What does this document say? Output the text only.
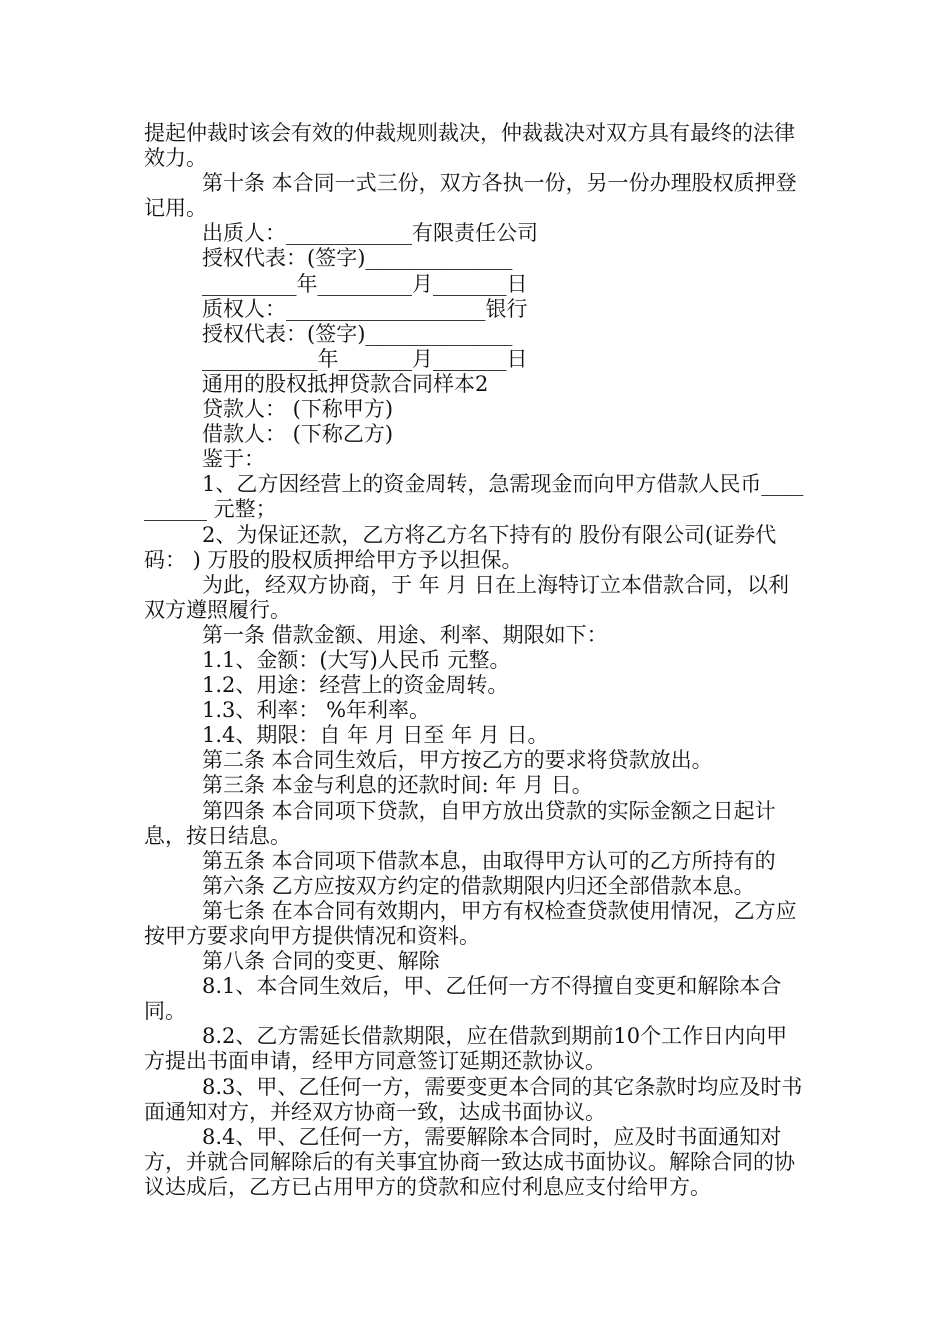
提起仲裁时该会有效的仲裁规则裁决，仲裁裁决对双方具有最终的法律效力。
第十条 本合同一式三份，双方各执一份，另一份办理股权质押登记用。
出质人：____________有限责任公司
授权代表：(签字)______________
_________年_________月_______日
质权人：___________________银行
授权代表：(签字)______________
___________年_______月_______日
通用的股权抵押贷款合同样本2
贷款人： (下称甲方)
借款人： (下称乙方)
鉴于：
1、乙方因经营上的资金周转，急需现金而向甲方借款人民币__________ 元整；
2、为保证还款，乙方将乙方名下持有的 股份有限公司(证券代码： ) 万股的股权质押给甲方予以担保。
为此，经双方协商，于 年 月 日在上海特订立本借款合同，以利双方遵照履行。
第一条 借款金额、用途、利率、期限如下：
1.1、金额：(大写)人民币 元整。
1.2、用途：经营上的资金周转。
1.3、利率： %年利率。
1.4、期限：自 年 月 日至 年 月 日。
第二条 本合同生效后，甲方按乙方的要求将贷款放出。
第三条 本金与利息的还款时间: 年 月 日。
第四条 本合同项下贷款，自甲方放出贷款的实际金额之日起计息，按日结息。
第五条 本合同项下借款本息，由取得甲方认可的乙方所持有的
第六条 乙方应按双方约定的借款期限内归还全部借款本息。
第七条 在本合同有效期内，甲方有权检查贷款使用情况，乙方应按甲方要求向甲方提供情况和资料。
第八条 合同的变更、解除
8.1、本合同生效后，甲、乙任何一方不得擅自变更和解除本合同。
8.2、乙方需延长借款期限，应在借款到期前10个工作日内向甲方提出书面申请，经甲方同意签订延期还款协议。
8.3、甲、乙任何一方，需要变更本合同的其它条款时均应及时书面通知对方，并经双方协商一致，达成书面协议。
8.4、甲、乙任何一方，需要解除本合同时，应及时书面通知对方，并就合同解除后的有关事宜协商一致达成书面协议。解除合同的协议达成后，乙方已占用甲方的贷款和应付利息应支付给甲方。
